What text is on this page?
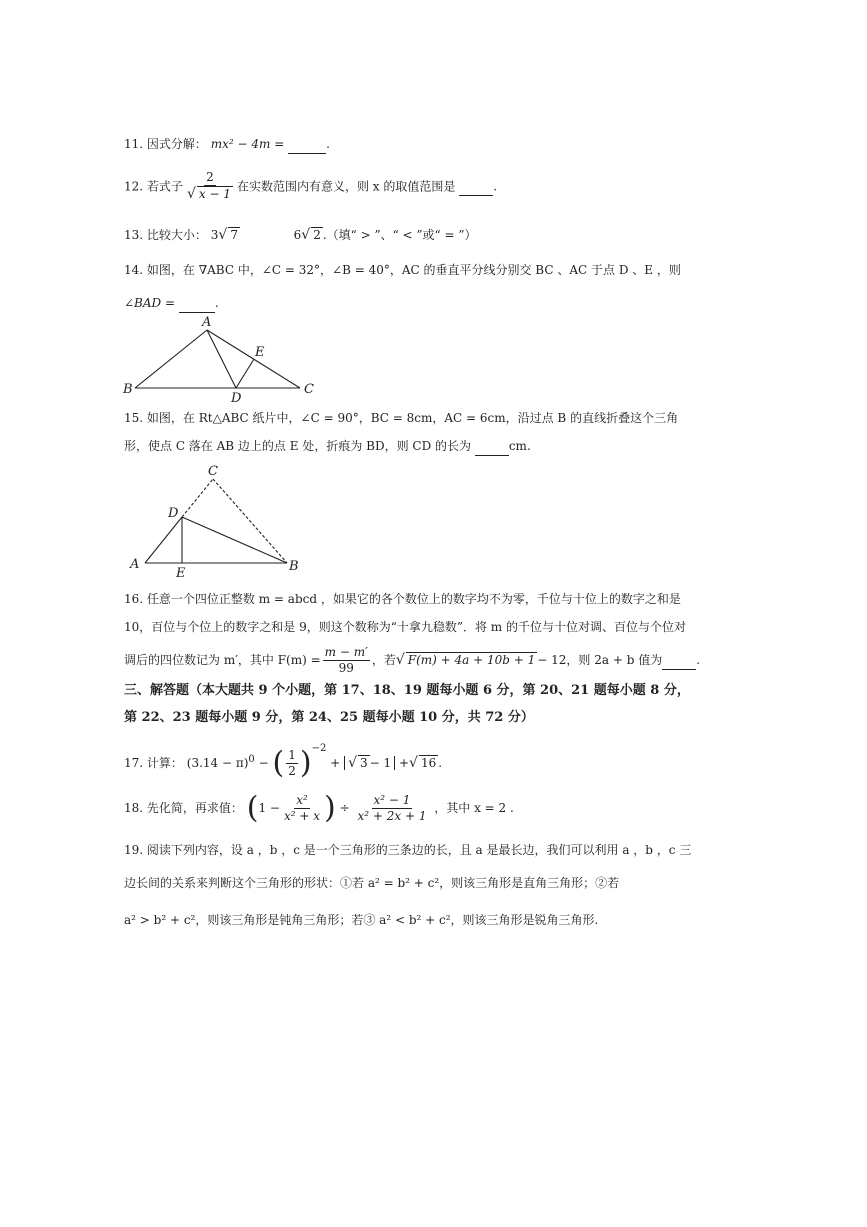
11. 因式分解： mx² − 4m =	.
12. 若式子 $\frac{2}{√ x - 1}$ 在实数范围内有意义，则 x 的取值范围是	.
13. 比较大小： 3√ 7	6√ 2 .（填“ > ”、“ < ”或“ = ”）
14. 如图，在 ∇ABC 中，∠C = 32°，∠B = 40°，AC 的垂直平分线分别交 BC 、AC 于点 D 、E ，则
∠BAD =	.
A
B	C
D
E
15. 如图，在 Rt△ABC 纸片中，∠C = 90°，BC = 8cm，AC = 6cm，沿过点 B 的直线折叠这个三角
形，使点 C 落在 AB 边上的点 E 处，折痕为 BD，则 CD 的长为	cm.
C
D
A
E	B
16. 任意一个四位正整数 m = abcd ，如果它的各个数位上的数字均不为零，千位与十位上的数字之和是
10，百位与个位上的数字之和是 9，则这个数称为“十拿九稳数”．将 m 的千位与十位对调、百位与个位对
调后的四位数记为 m′，其中 $F(m) = \frac{m - m'}{99}$ ，若√ F(m) + 4a + 10b + 1 − 12，则 2a + b 值为	.
三、解答题（本大题共 9 个小题，第 17、18、19 题每小题 6 分，第 20、21 题每小题 8 分，
第 22、23 题每小题 9 分，第 24、25 题每小题 10 分，共 72 分）
17. 计算： $(3.14 - \pi)^0$ − ( $\frac{1}{2} )^{-2}$ + √ 3 − 1 +√ 16 .
18. 先化简，再求值： ($1 - \frac{\text{x²}}{\text{x² + x}}$ ) ÷ $\frac{\text{x² − 1}}{\text{x² + 2x + 1}}$ ，其中 x = 2 .
19. 阅读下列内容，设 a ，b ，c 是一个三角形的三条边的长，且 a 是最长边，我们可以利用 a ，b ，c 三
边长间的关系来判断这个三角形的形状：①若 a² = b² + c²，则该三角形是直角三角形；②若
a² > b² + c²，则该三角形是钝角三角形；若③ a² < b² + c²，则该三角形是锐角三角形.
